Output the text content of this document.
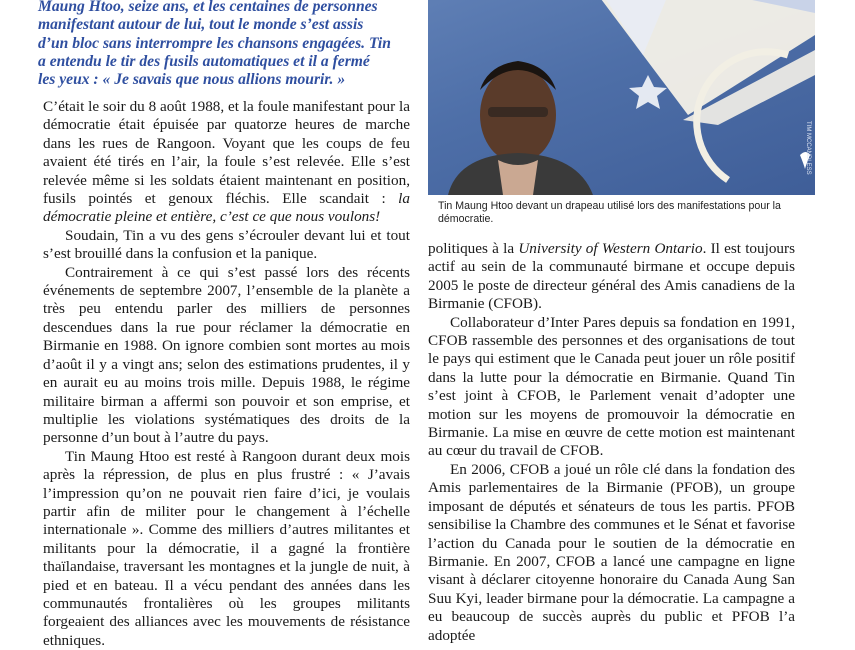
Maung Htoo, seize ans, et les centaines de personnes
manifestant autour de lui, tout le monde s’est assis
d’un bloc sans interrompre les chansons engagées. Tin
a entendu le tir des fusils automatiques et il a fermé
les yeux : « Je savais que nous allions mourir. »
TIM MCCANDLESS
Tin Maung Htoo devant un drapeau utilisé lors des manifestations pour la
démocratie.

C’était le soir du 8 août 1988, et la foule manifestant pour la démocratie était épuisée par quatorze heures de marche dans les rues de Rangoon. Voyant que les coups de feu avaient été tirés en l’air, la foule s’est relevée. Elle s’est relevée même si les soldats étaient maintenant en position, fusils pointés et genoux fléchis. Elle scandait : la démocratie pleine et entière, c’est ce que nous voulons!

Soudain, Tin a vu des gens s’écrouler devant lui et tout s’est brouillé dans la confusion et la panique.

Contrairement à ce qui s’est passé lors des récents événements de septembre 2007, l’ensemble de la planète a très peu entendu parler des milliers de personnes descendues dans la rue pour réclamer la démocratie en Birmanie en 1988. On ignore combien sont mortes au mois d’août il y a vingt ans; selon des estimations prudentes, il y en aurait eu au moins trois mille. Depuis 1988, le régime militaire birman a affermi son pouvoir et son emprise, et multiplie les violations systématiques des droits de la personne d’un bout à l’autre du pays.

Tin Maung Htoo est resté à Rangoon durant deux mois après la répression, de plus en plus frustré : « J’avais l’impression qu’on ne pouvait rien faire d’ici, je voulais partir afin de militer pour le changement à l’échelle internationale ». Comme des milliers d’autres militantes et militants pour la démocratie, il a gagné la frontière thaïlandaise, traversant les montagnes et la jungle de nuit, à pied et en bateau. Il a vécu pendant des années dans les communautés frontalières où les groupes militants forgeaient des alliances avec les mouvements de résistance ethniques.

politiques à la University of Western Ontario. Il est toujours actif au sein de la communauté birmane et occupe depuis 2005 le poste de directeur général des Amis canadiens de la Birmanie (CFOB).

Collaborateur d’Inter Pares depuis sa fondation en 1991, CFOB rassemble des personnes et des organisations de tout le pays qui estiment que le Canada peut jouer un rôle positif dans la lutte pour la démocratie en Birmanie. Quand Tin s’est joint à CFOB, le Parlement venait d’adopter une motion sur les moyens de promouvoir la démocratie en Birmanie. La mise en œuvre de cette motion est maintenant au cœur du travail de CFOB.

En 2006, CFOB a joué un rôle clé dans la fondation des Amis parlementaires de la Birmanie (PFOB), un groupe imposant de députés et sénateurs de tous les partis. PFOB sensibilise la Chambre des communes et le Sénat et favorise l’action du Canada pour le soutien de la démocratie en Birmanie. En 2007, CFOB a lancé une campagne en ligne visant à déclarer citoyenne honoraire du Canada Aung San Suu Kyi, leader birmane pour la démocratie. La campagne a eu beaucoup de succès auprès du public et PFOB l’a adoptée
